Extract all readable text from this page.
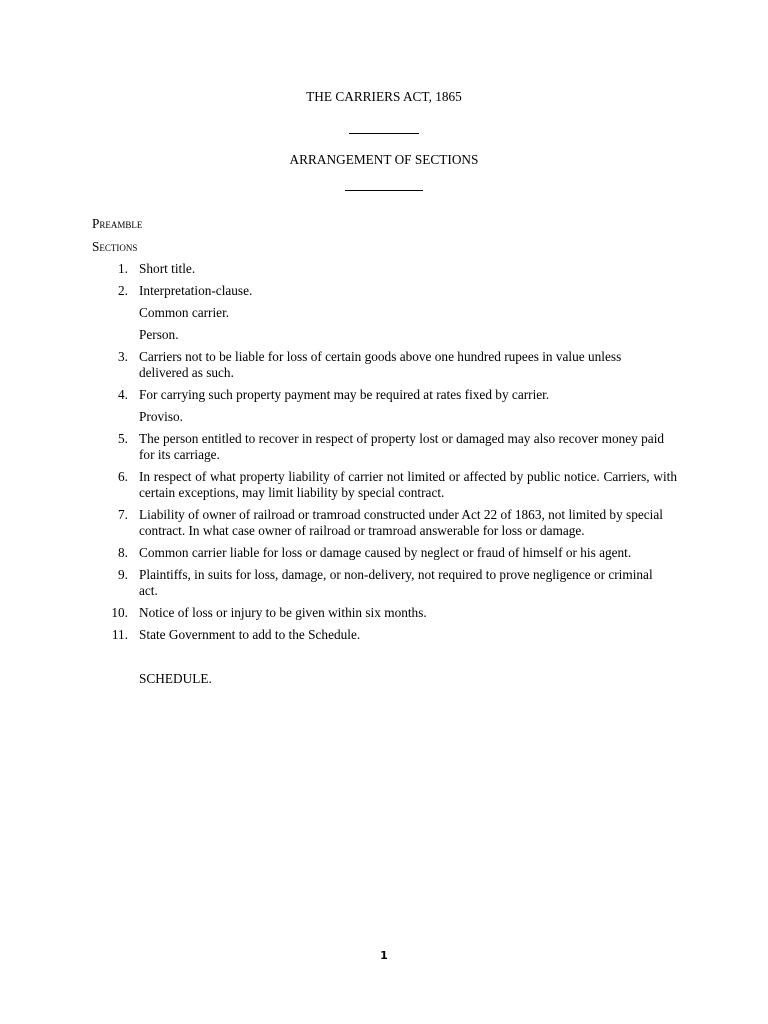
THE CARRIERS ACT, 1865
ARRANGEMENT OF SECTIONS
Preamble
Sections
1. Short title.
2. Interpretation-clause.
Common carrier.
Person.
3. Carriers not to be liable for loss of certain goods above one hundred rupees in value unless delivered as such.
4. For carrying such property payment may be required at rates fixed by carrier.
Proviso.
5. The person entitled to recover in respect of property lost or damaged may also recover money paid for its carriage.
6. In respect of what property liability of carrier not limited or affected by public notice. Carriers, with certain exceptions, may limit liability by special contract.
7. Liability of owner of railroad or tramroad constructed under Act 22 of 1863, not limited by special contract. In what case owner of railroad or tramroad answerable for loss or damage.
8. Common carrier liable for loss or damage caused by neglect or fraud of himself or his agent.
9. Plaintiffs, in suits for loss, damage, or non-delivery, not required to prove negligence or criminal act.
10. Notice of loss or injury to be given within six months.
11. State Government to add to the Schedule.
SCHEDULE.
1
